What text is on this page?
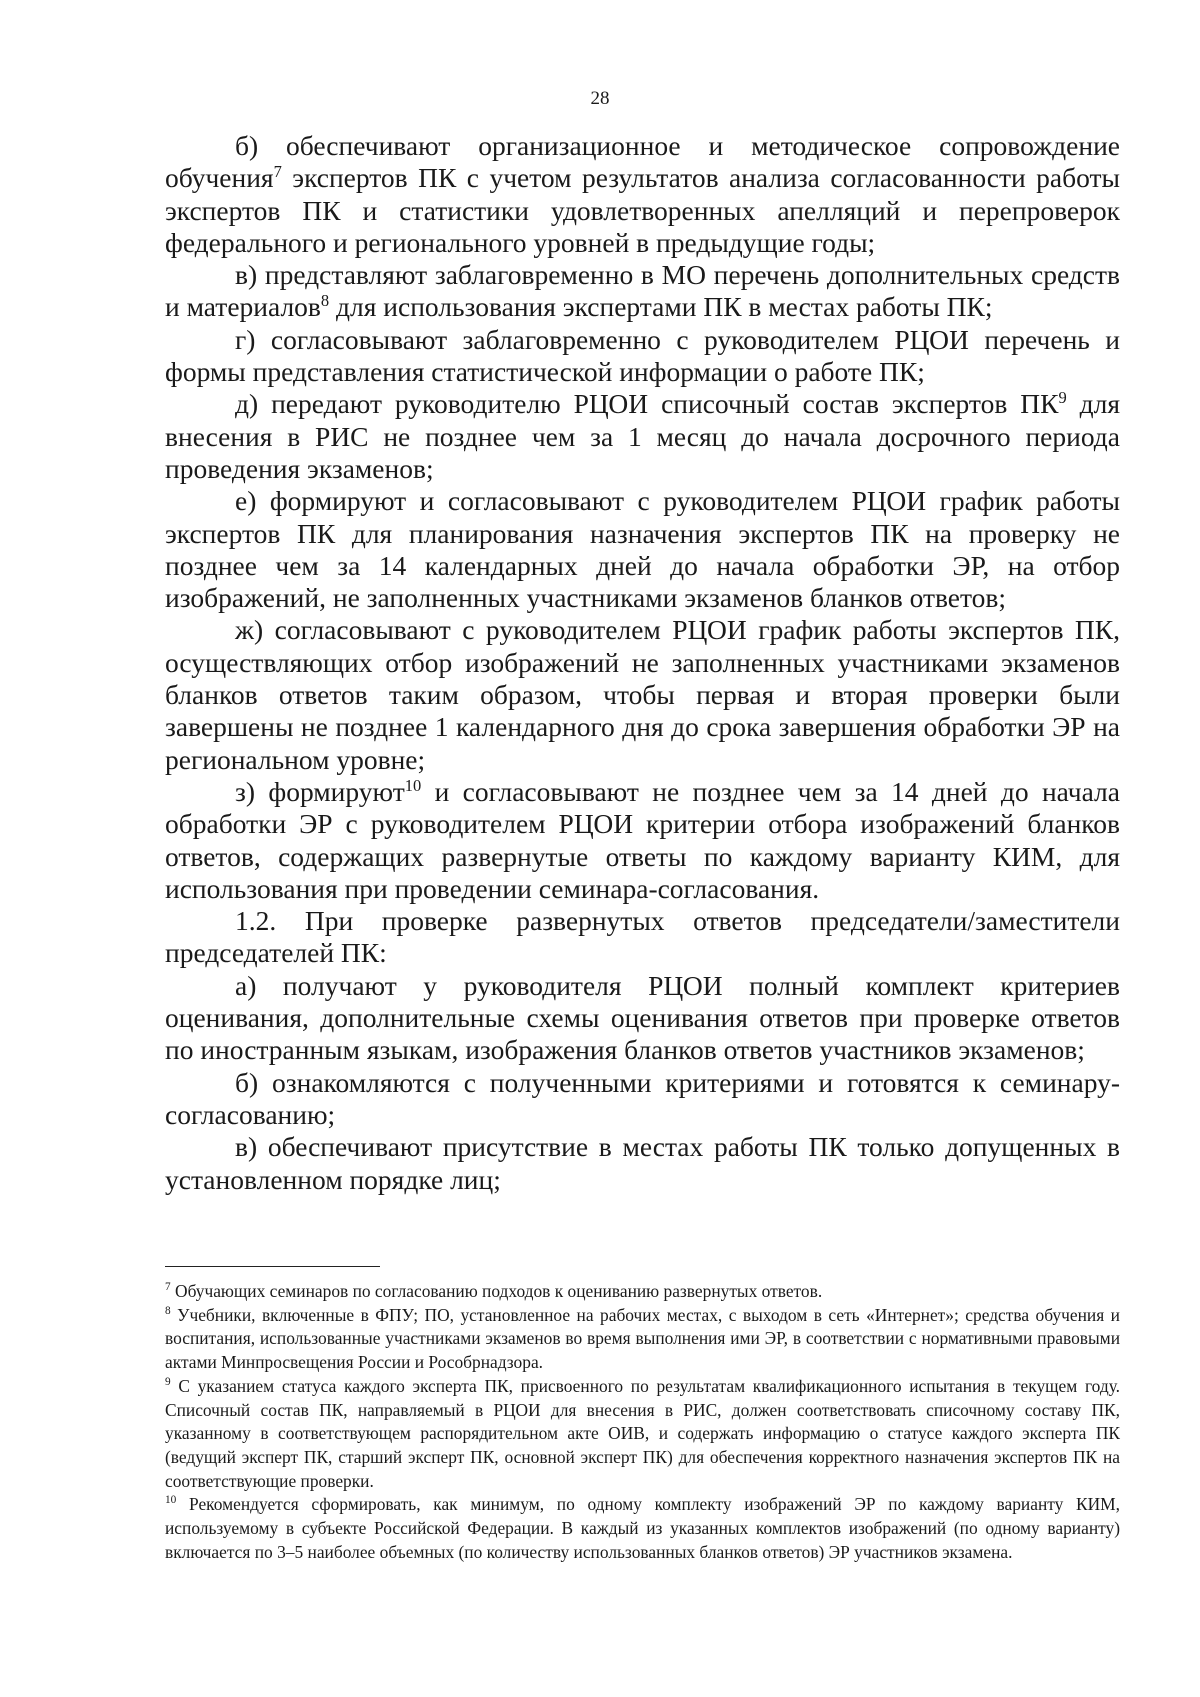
28

б) обеспечивают организационное и методическое сопровождение обучения$^7$ экспертов ПК с учетом результатов анализа согласованности работы экспертов ПК и статистики удовлетворенных апелляций и перепроверок федерального и регионального уровней в предыдущие годы;

в) представляют заблаговременно в МО перечень дополнительных средств и материалов$^8$ для использования экспертами ПК в местах работы ПК;

г) согласовывают заблаговременно с руководителем РЦОИ перечень и формы представления статистической информации о работе ПК;

д) передают руководителю РЦОИ списочный состав экспертов $ПК^9$ для внесения в РИС не позднее чем за 1 месяц до начала досрочного периода проведения экзаменов;

е) формируют и согласовывают с руководителем РЦОИ график работы экспертов ПК для планирования назначения экспертов ПК на проверку не позднее чем за 14 календарных дней до начала обработки ЭР, на отбор изображений, не заполненных участниками экзаменов бланков ответов;

ж) согласовывают с руководителем РЦОИ график работы экспертов ПК, осуществляющих отбор изображений не заполненных участниками экзаменов бланков ответов таким образом, чтобы первая и вторая проверки были завершены не позднее 1 календарного дня до срока завершения обработки ЭР на региональном уровне;

з) формируют$^{10}$ и согласовывают не позднее чем за 14 дней до начала обработки ЭР с руководителем РЦОИ критерии отбора изображений бланков ответов, содержащих развернутые ответы по каждому варианту КИМ, для использования при проведении семинара-согласования.

1.2. При проверке развернутых ответов председатели/заместители председателей ПК:

а) получают у руководителя РЦОИ полный комплект критериев оценивания, дополнительные схемы оценивания ответов при проверке ответов по иностранным языкам, изображения бланков ответов участников экзаменов;

б) ознакомляются с полученными критериями и готовятся к семинару-согласованию;

в) обеспечивают присутствие в местах работы ПК только допущенных в установленном порядке лиц;

$^7$ Обучающих семинаров по согласованию подходов к оцениванию развернутых ответов.

$^8$ Учебники, включенные в ФПУ; ПО, установленное на рабочих местах, с выходом в сеть «Интернет»; средства обучения и воспитания, использованные участниками экзаменов во время выполнения ими ЭР, в соответствии с нормативными правовыми актами Минпросвещения России и Рособрнадзора.

$^9$ С указанием статуса каждого эксперта ПК, присвоенного по результатам квалификационного испытания в текущем году. Списочный состав ПК, направляемый в РЦОИ для внесения в РИС, должен соответствовать списочному составу ПК, указанному в соответствующем распорядительном акте ОИВ, и содержать информацию о статусе каждого эксперта ПК (ведущий эксперт ПК, старший эксперт ПК, основной эксперт ПК) для обеспечения корректного назначения экспертов ПК на соответствующие проверки.

$^{10}$ Рекомендуется сформировать, как минимум, по одному комплекту изображений ЭР по каждому варианту КИМ, используемому в субъекте Российской Федерации. В каждый из указанных комплектов изображений (по одному варианту) включается по 3–5 наиболее объемных (по количеству использованных бланков ответов) ЭР участников экзамена.
